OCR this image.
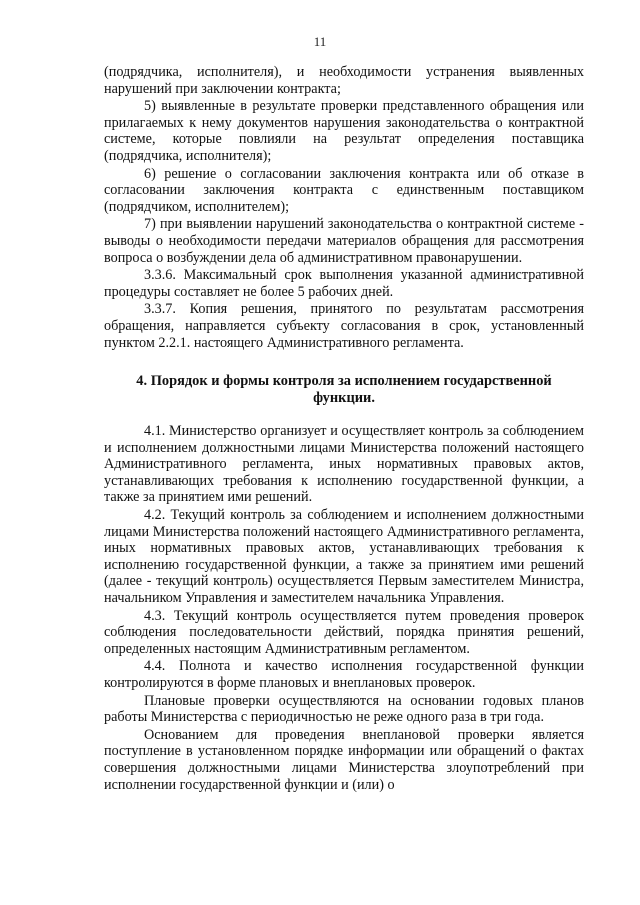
11

(подрядчика, исполнителя), и необходимости устранения выявленных нарушений при заключении контракта;

5) выявленные в результате проверки представленного обращения или прилагаемых к нему документов нарушения законодательства о контрактной системе, которые повлияли на результат определения поставщика (подрядчика, исполнителя);

6) решение о согласовании заключения контракта или об отказе в согласовании заключения контракта с единственным поставщиком (подрядчиком, исполнителем);

7) при выявлении нарушений законодательства о контрактной системе - выводы о необходимости передачи материалов обращения для рассмотрения вопроса о возбуждении дела об административном правонарушении.

3.3.6. Максимальный срок выполнения указанной административной процедуры составляет не более 5 рабочих дней.

3.3.7. Копия решения, принятого по результатам рассмотрения обращения, направляется субъекту согласования в срок, установленный пунктом 2.2.1. настоящего Административного регламента.

4. Порядок и формы контроля за исполнением государственной функции.

4.1. Министерство организует и осуществляет контроль за соблюдением и исполнением должностными лицами Министерства положений настоящего Административного регламента, иных нормативных правовых актов, устанавливающих требования к исполнению государственной функции, а также за принятием ими решений.

4.2. Текущий контроль за соблюдением и исполнением должностными лицами Министерства положений настоящего Административного регламента, иных нормативных правовых актов, устанавливающих требования к исполнению государственной функции, а также за принятием ими решений (далее - текущий контроль) осуществляется Первым заместителем Министра, начальником Управления и заместителем начальника Управления.

4.3. Текущий контроль осуществляется путем проведения проверок соблюдения последовательности действий, порядка принятия решений, определенных настоящим Административным регламентом.

4.4. Полнота и качество исполнения государственной функции контролируются в форме плановых и внеплановых проверок.

Плановые проверки осуществляются на основании годовых планов работы Министерства с периодичностью не реже одного раза в три года.

Основанием для проведения внеплановой проверки является поступление в установленном порядке информации или обращений о фактах совершения должностными лицами Министерства злоупотреблений при исполнении государственной функции и (или) о
